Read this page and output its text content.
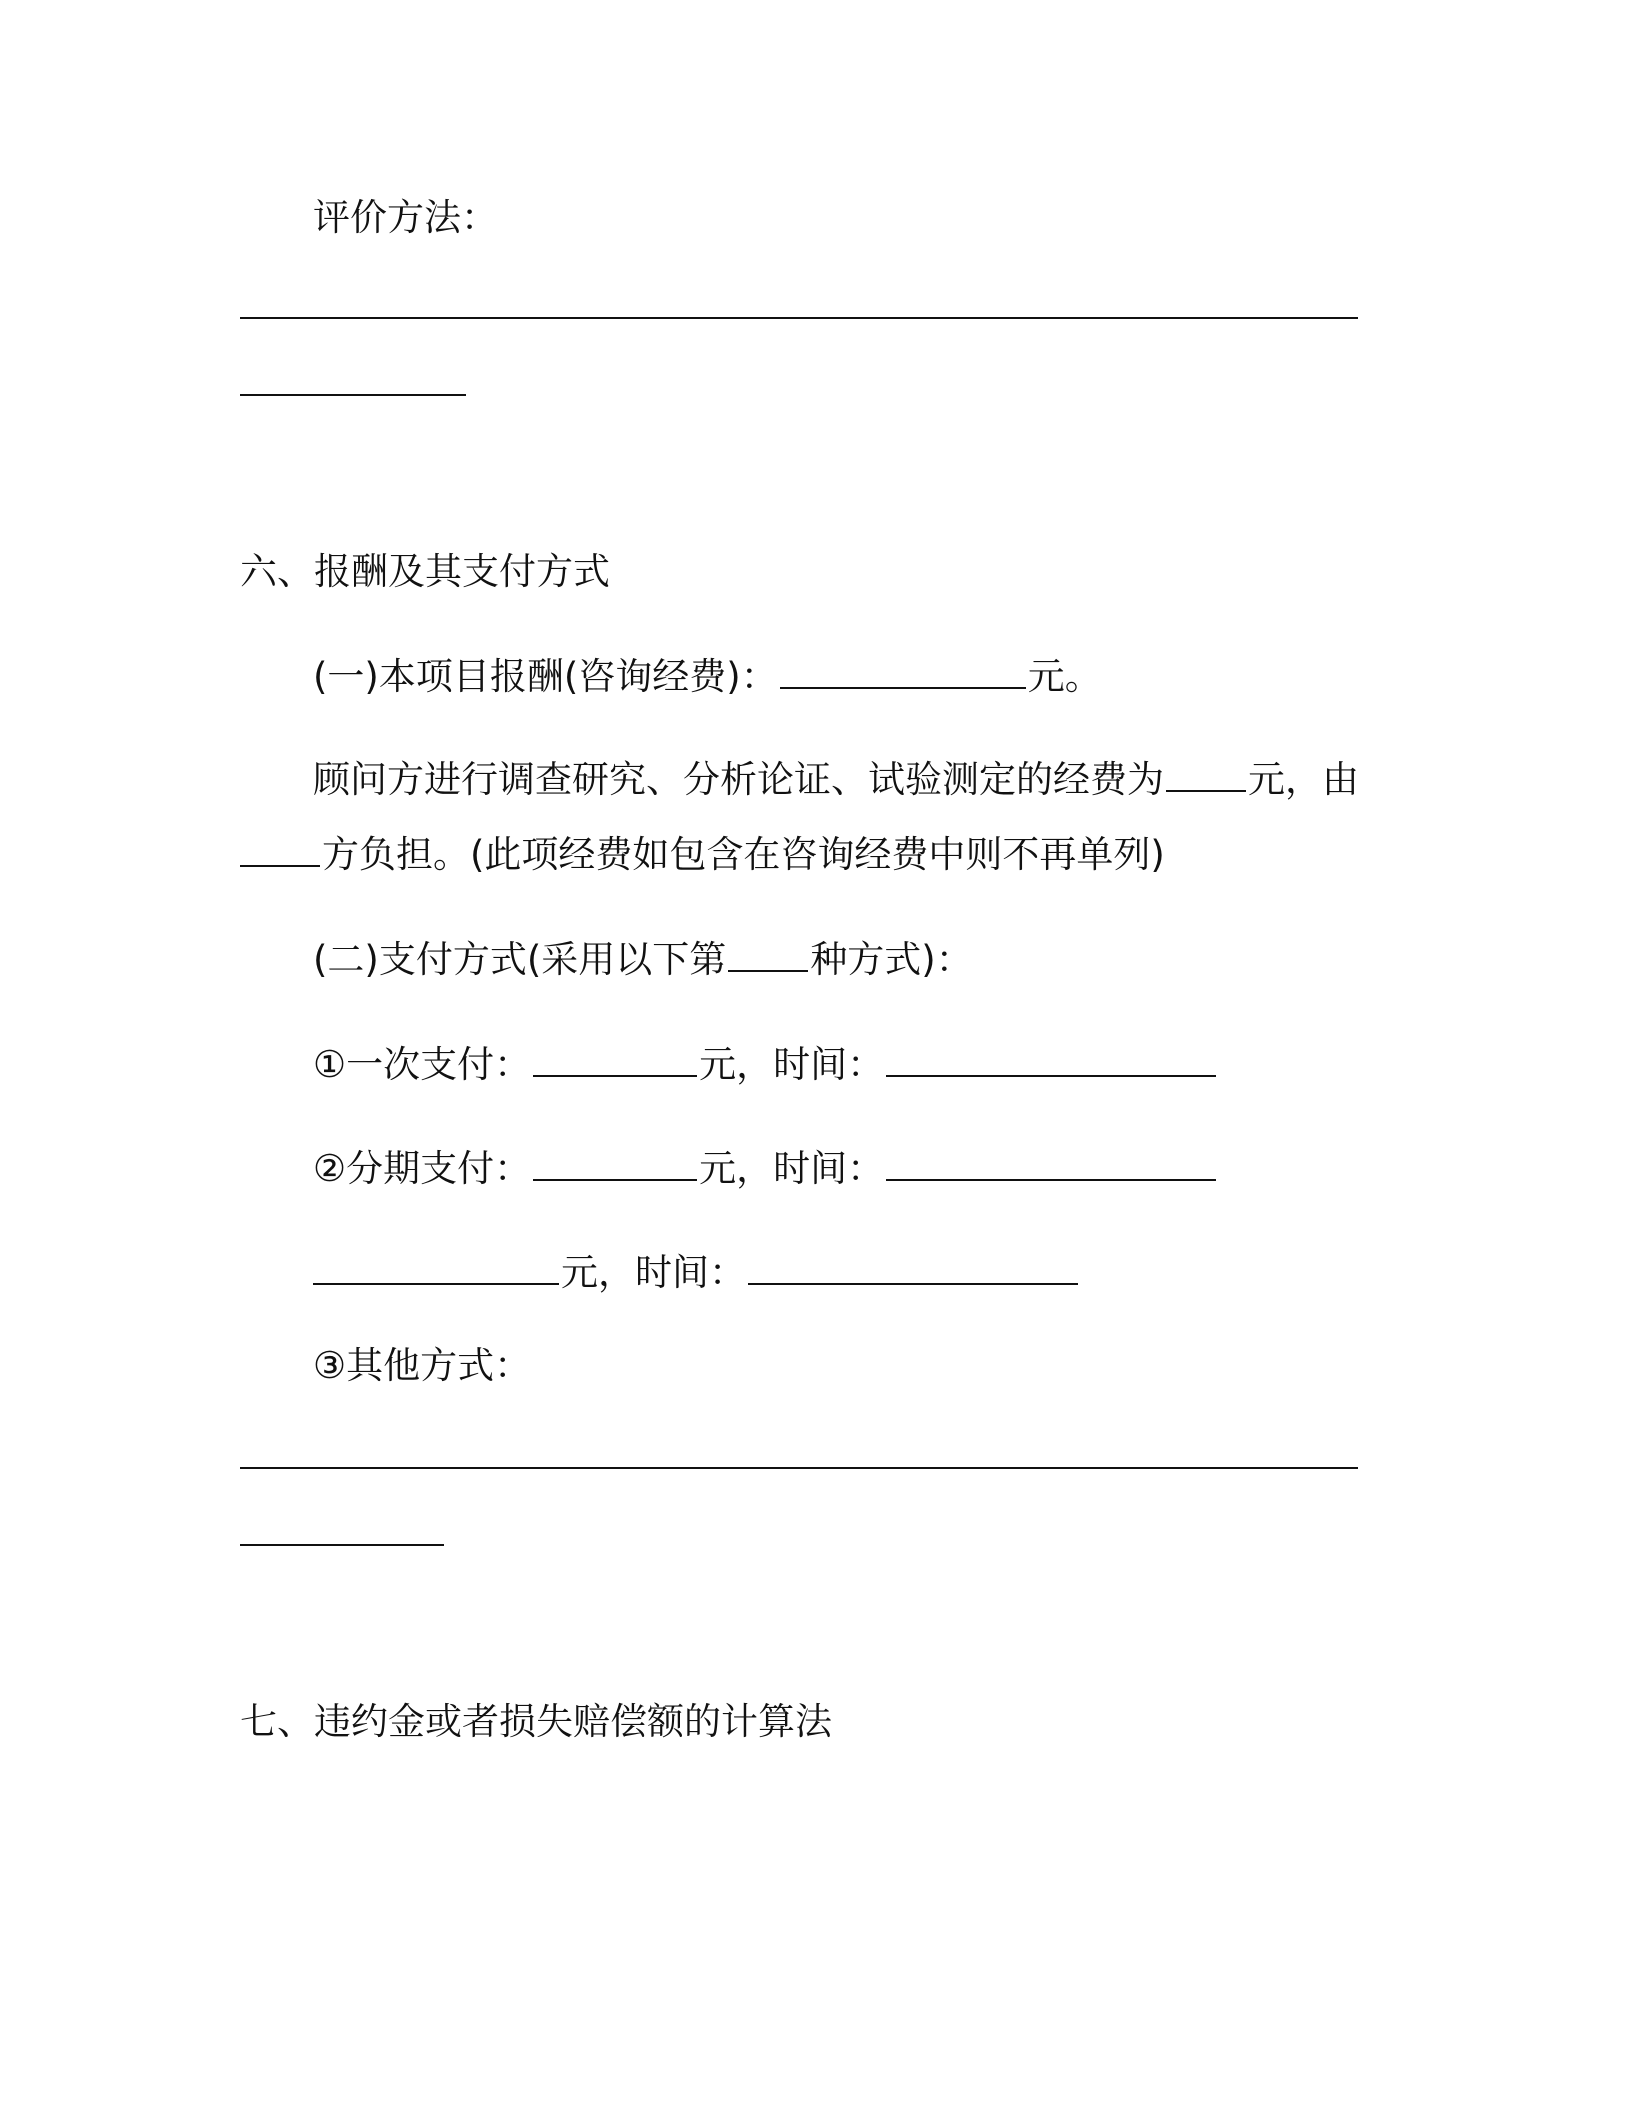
评价方法：
六、报酬及其支付方式
(一)本项目报酬(咨询经费)：	元。
顾问方进行调查研究、分析论证、试验测定的经费为 元，由
方负担。(此项经费如包含在咨询经费中则不再单列)
(二)支付方式(采用以下第 种方式)：
①一次支付：	元，时间：
②分期支付：	元，时间：
元，时间：
③其他方式：
七、违约金或者损失赔偿额的计算法
